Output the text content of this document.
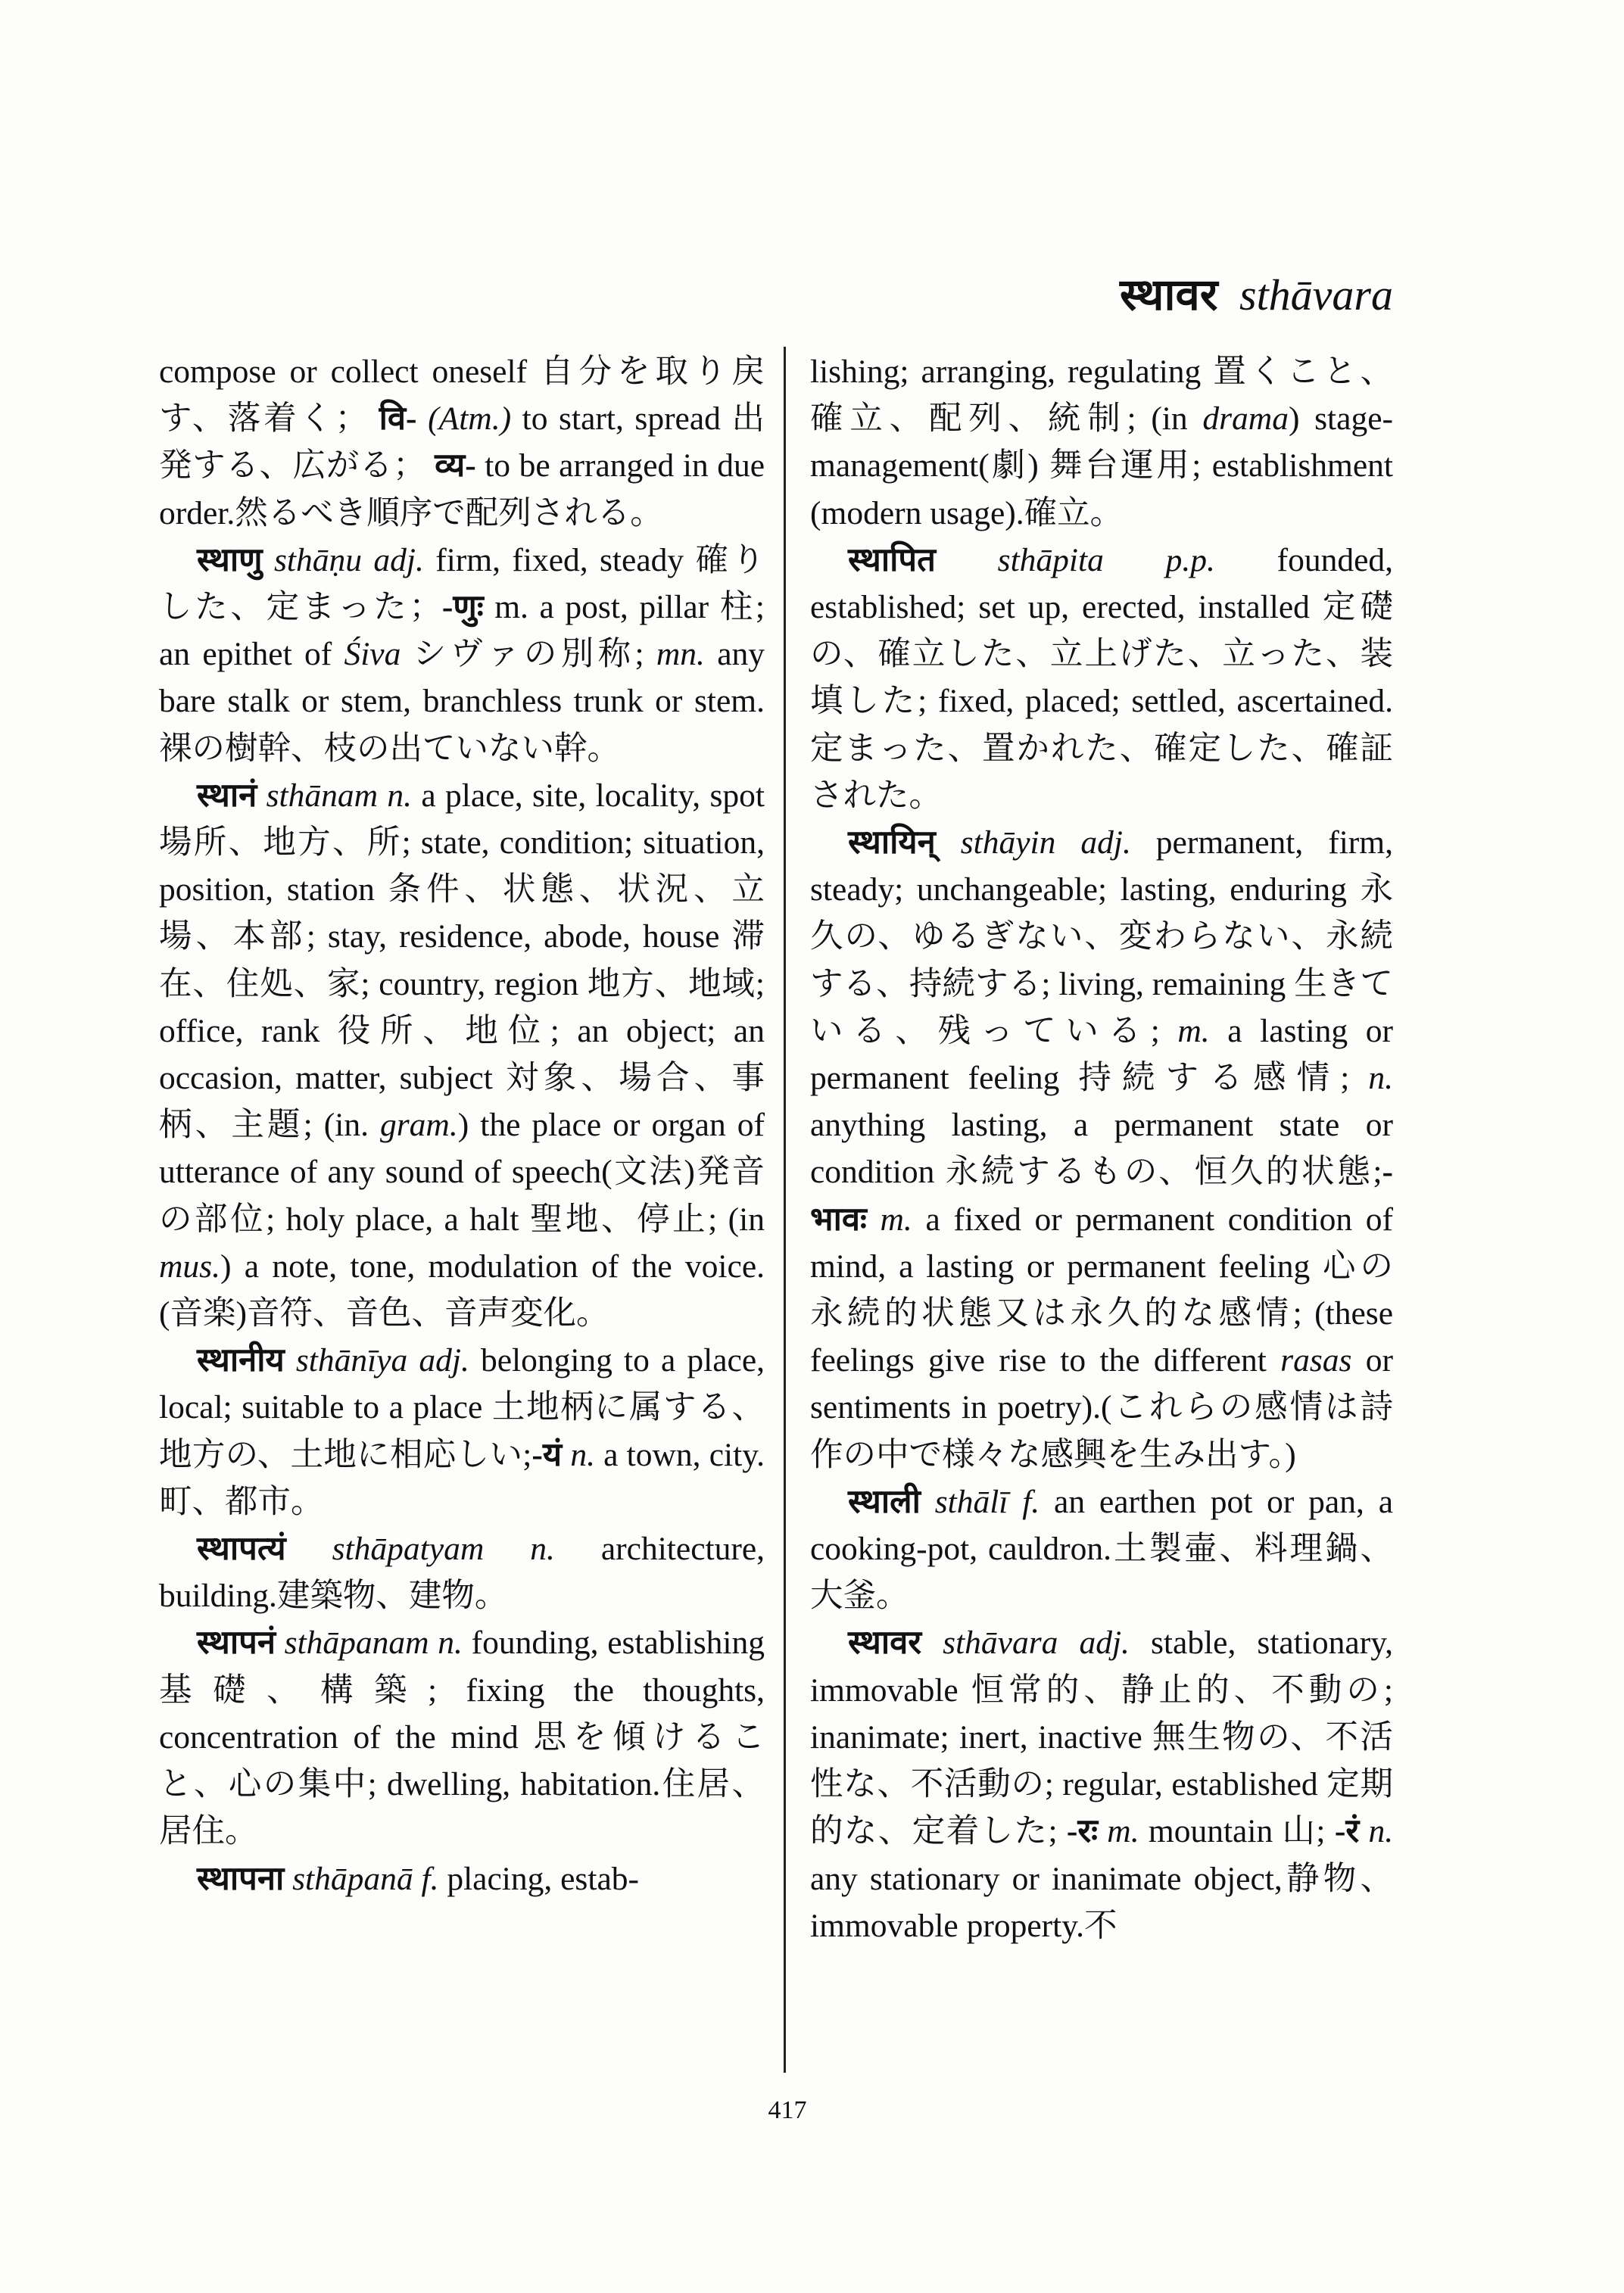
स्थावर sthāvara

compose or collect oneself 自分を取り戻す、落着く； वि- (Atm.) to start, spread 出発する、広がる； व्य- to be arranged in due order.然るべき順序で配列される。

स्थाणु sthāṇu adj. firm, fixed, steady 確りした、定まった；-णुः m. a post, pillar 柱; an epithet of Śiva シヴァの別称; mn. any bare stalk or stem, branchless trunk or stem.裸の樹幹、枝の出ていない幹。

स्थानं sthānam n. a place, site, locality, spot 場所、地方、所; state, condition; situation, position, station 条件、状態、状況、立場、本部; stay, residence, abode, house 滞在、住処、家; country, region 地方、地域; office, rank 役所、地位; an object; an occasion, matter, subject 対象、場合、事柄、主題; (in. gram.) the place or organ of utterance of any sound of speech(文法)発音の部位; holy place, a halt 聖地、停止; (in mus.) a note, tone, modulation of the voice.(音楽)音符、音色、音声変化。

स्थानीय sthānīya adj. belonging to a place, local; suitable to a place 土地柄に属する、地方の、土地に相応しい;-यं n. a town, city.町、都市。

स्थापत्यं sthāpatyam n. architecture, building.建築物、建物。

स्थापनं sthāpanam n. founding, establishing 基礎、構築; fixing the thoughts, concentration of the mind 思を傾けること、心の集中; dwelling, habitation.住居、居住。

स्थापना sthāpanā f. placing, estab-

lishing; arranging, regulating 置くこと、確立、配列、統制; (in drama) stage-management(劇) 舞台運用; establishment (modern usage).確立。

स्थापित sthāpita p.p. founded, established; set up, erected, installed 定礎の、確立した、立上げた、立った、装填した; fixed, placed; settled, ascertained.定まった、置かれた、確定した、確証された。

स्थायिन् sthāyin adj. permanent, firm, steady; unchangeable; lasting, enduring 永久の、ゆるぎない、変わらない、永続する、持続する; living, remaining 生きている、残っている; m. a lasting or permanent feeling 持続する感情; n. anything lasting, a permanent state or condition 永続するもの、恒久的状態;-भावः m. a fixed or permanent condition of mind, a lasting or permanent feeling 心の永続的状態又は永久的な感情; (these feelings give rise to the different rasas or sentiments in poetry).(これらの感情は詩作の中で様々な感興を生み出す。)

स्थाली sthālī f. an earthen pot or pan, a cooking-pot, cauldron.土製壷、料理鍋、大釜。

स्थावर sthāvara adj. stable, stationary, immovable 恒常的、静止的、不動の; inanimate; inert, inactive 無生物の、不活性な、不活動の; regular, established 定期的な、定着した; -रः m. mountain 山; -रं n. any stationary or inanimate object,静物、 immovable property.不

417
